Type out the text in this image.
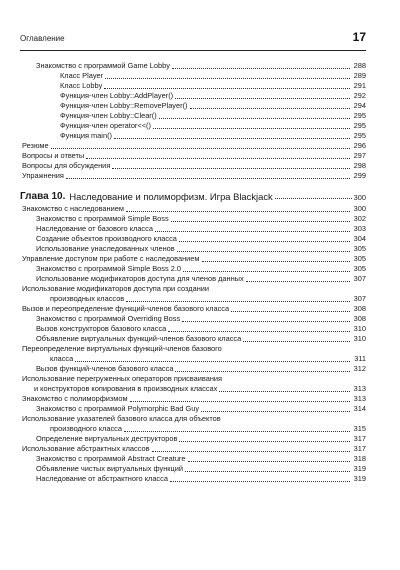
Оглавление	17
Знакомство с программой Game Lobby	288
Класс Player	289
Класс Lobby	291
Функция-член Lobby::AddPlayer()	292
Функция-член Lobby::RemovePlayer()	294
Функция-член Lobby::Clear()	295
Функция-член operator<<()	295
Функция main()	295
Резюме	296
Вопросы и ответы	297
Вопросы для обсуждения	298
Упражнения	299
Глава 10. Наследование и полиморфизм. Игра Blackjack	300
Знакомство с наследованием	300
Знакомство с программой Simple Boss	302
Наследование от базового класса	303
Создание объектов производного класса	304
Использование унаследованных членов	305
Управление доступом при работе с наследованием	305
Знакомство с программой Simple Boss 2.0	305
Использование модификаторов доступа для членов данных	307
Использование модификаторов доступа при создании
производных классов	307
Вызов и переопределение функций-членов базового класса	308
Знакомство с программой Overriding Boss	308
Вызов конструкторов базового класса	310
Объявление виртуальных функций-членов базового класса	310
Переопределение виртуальных функций-членов базового
класса	311
Вызов функций-членов базового класса	312
Использование перегруженных операторов присваивания
и конструкторов копирования в производных классах	313
Знакомство с полиморфизмом	313
Знакомство с программой Polymorphic Bad Guy	314
Использование указателей базового класса для объектов
производного класса	315
Определение виртуальных деструкторов	317
Использование абстрактных классов	317
Знакомство с программой Abstract Creature	318
Объявление чистых виртуальных функций	319
Наследование от абстрактного класса	319
